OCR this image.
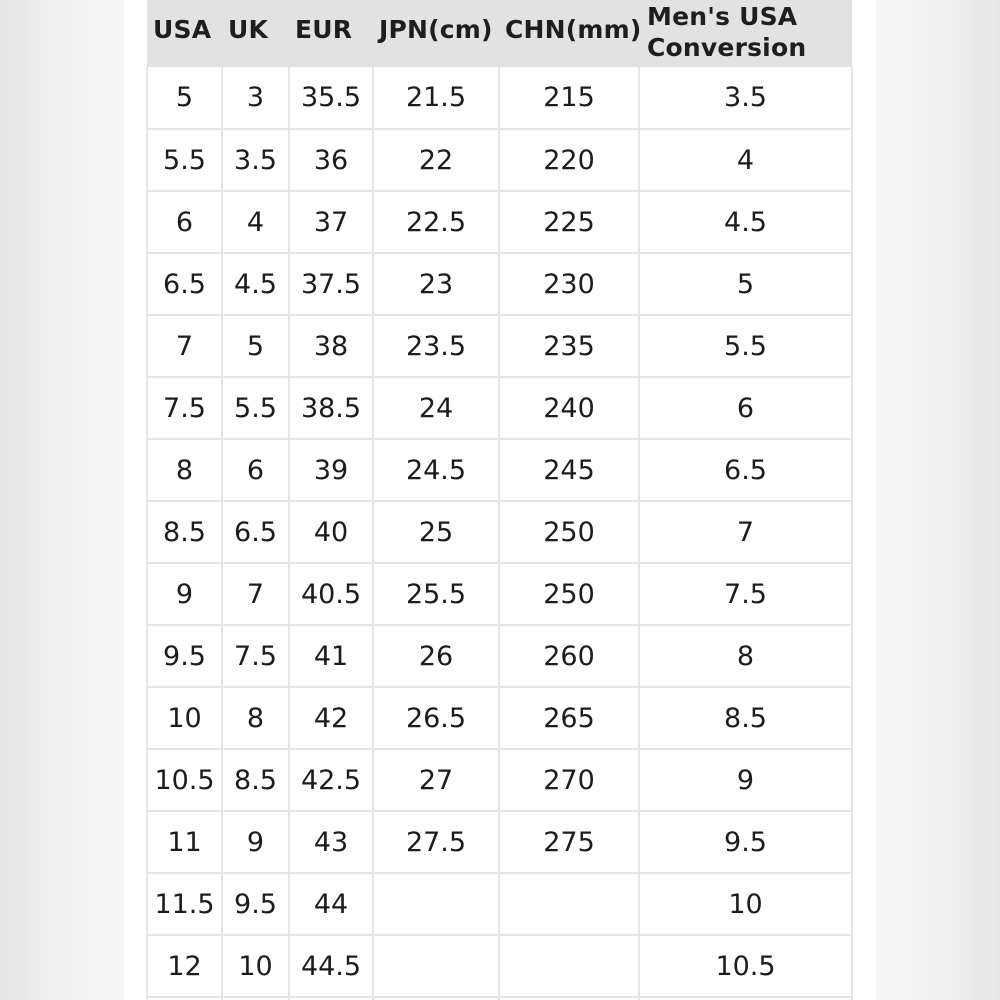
USA	UK	EUR	JPN(cm)	CHN(mm)	Men's USA Conversion
5	3	35.5	21.5	215	3.5
5.5	3.5	36	22	220	4
6	4	37	22.5	225	4.5
6.5	4.5	37.5	23	230	5
7	5	38	23.5	235	5.5
7.5	5.5	38.5	24	240	6
8	6	39	24.5	245	6.5
8.5	6.5	40	25	250	7
9	7	40.5	25.5	250	7.5
9.5	7.5	41	26	260	8
10	8	42	26.5	265	8.5
10.5	8.5	42.5	27	270	9
11	9	43	27.5	275	9.5
11.5	9.5	44			10
12	10	44.5			10.5
